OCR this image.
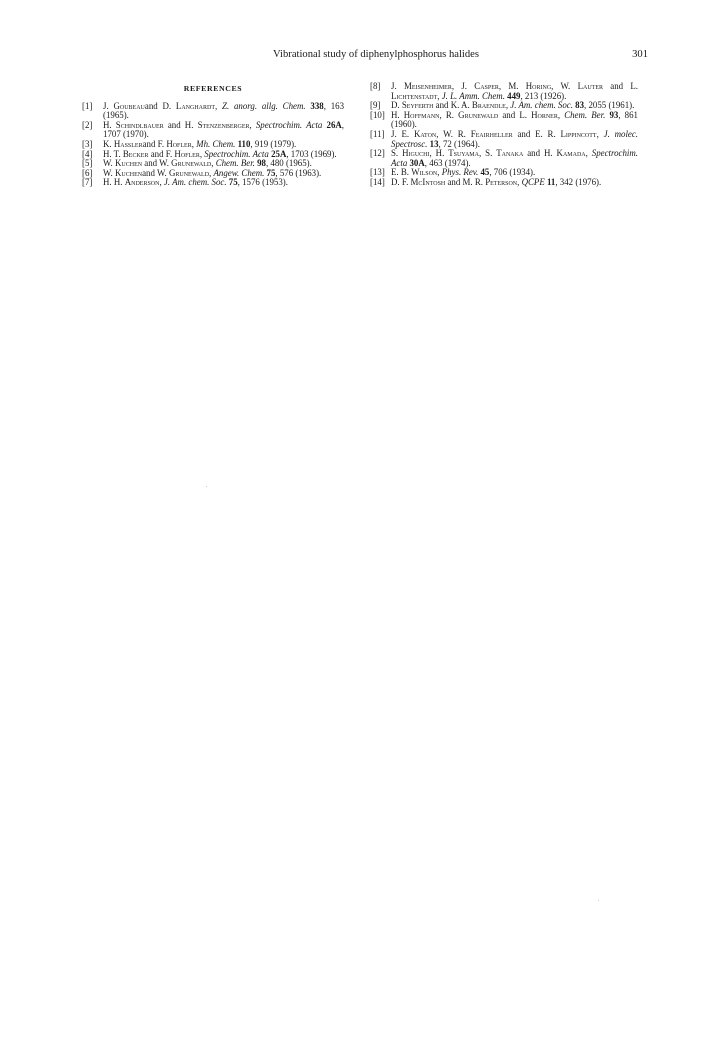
Vibrational study of diphenylphosphorus halides	301
REFERENCES
[1]	J. Goubeauand D. Langhardt, Z. anorg. allg. Chem. 338, 163 (1965).
[2]	H. Schindlbauer and H. Stenzenberger, Spectrochim. Acta 26A, 1707 (1970).
[3]	K. Hasslerand F. Hofler, Mh. Chem. 110, 919 (1979).
[4]	H. T. Becker and F. Hofler, Spectrochim. Acta 25A, 1703 (1969).
[5]	W. Kuchen and W. Grunewald, Chem. Ber. 98, 480 (1965).
[6]	W. Kuchenand W. Grunewald, Angew. Chem. 75, 576 (1963).
[7]	H. H. Anderson, J. Am. chem. Soc. 75, 1576 (1953).
[8]	J. Meisenheimer, J. Casper, M. Horing, W. Lauter and L. Lichtenstadt, J. L. Amm. Chem. 449, 213 (1926).
[9]	D. Seyferth and K. A. Braendle, J. Am. chem. Soc. 83, 2055 (1961).
[10] H. Hoffmann, R. Grunewald and L. Horner, Chem. Ber. 93, 861 (1960).
[11] J. E. Katon, W. R. Feairheller and E. R. Lippincott, J. molec. Spectrosc. 13, 72 (1964).
[12] S. Higuchi, H. Tsuyama, S. Tanaka and H. Kamada, Spectrochim. Acta 30A, 463 (1974).
[13] E. B. Wilson, Phys. Rev. 45, 706 (1934).
[14] D. F. McIntosh and M. R. Peterson, QCPE 11, 342 (1976).
